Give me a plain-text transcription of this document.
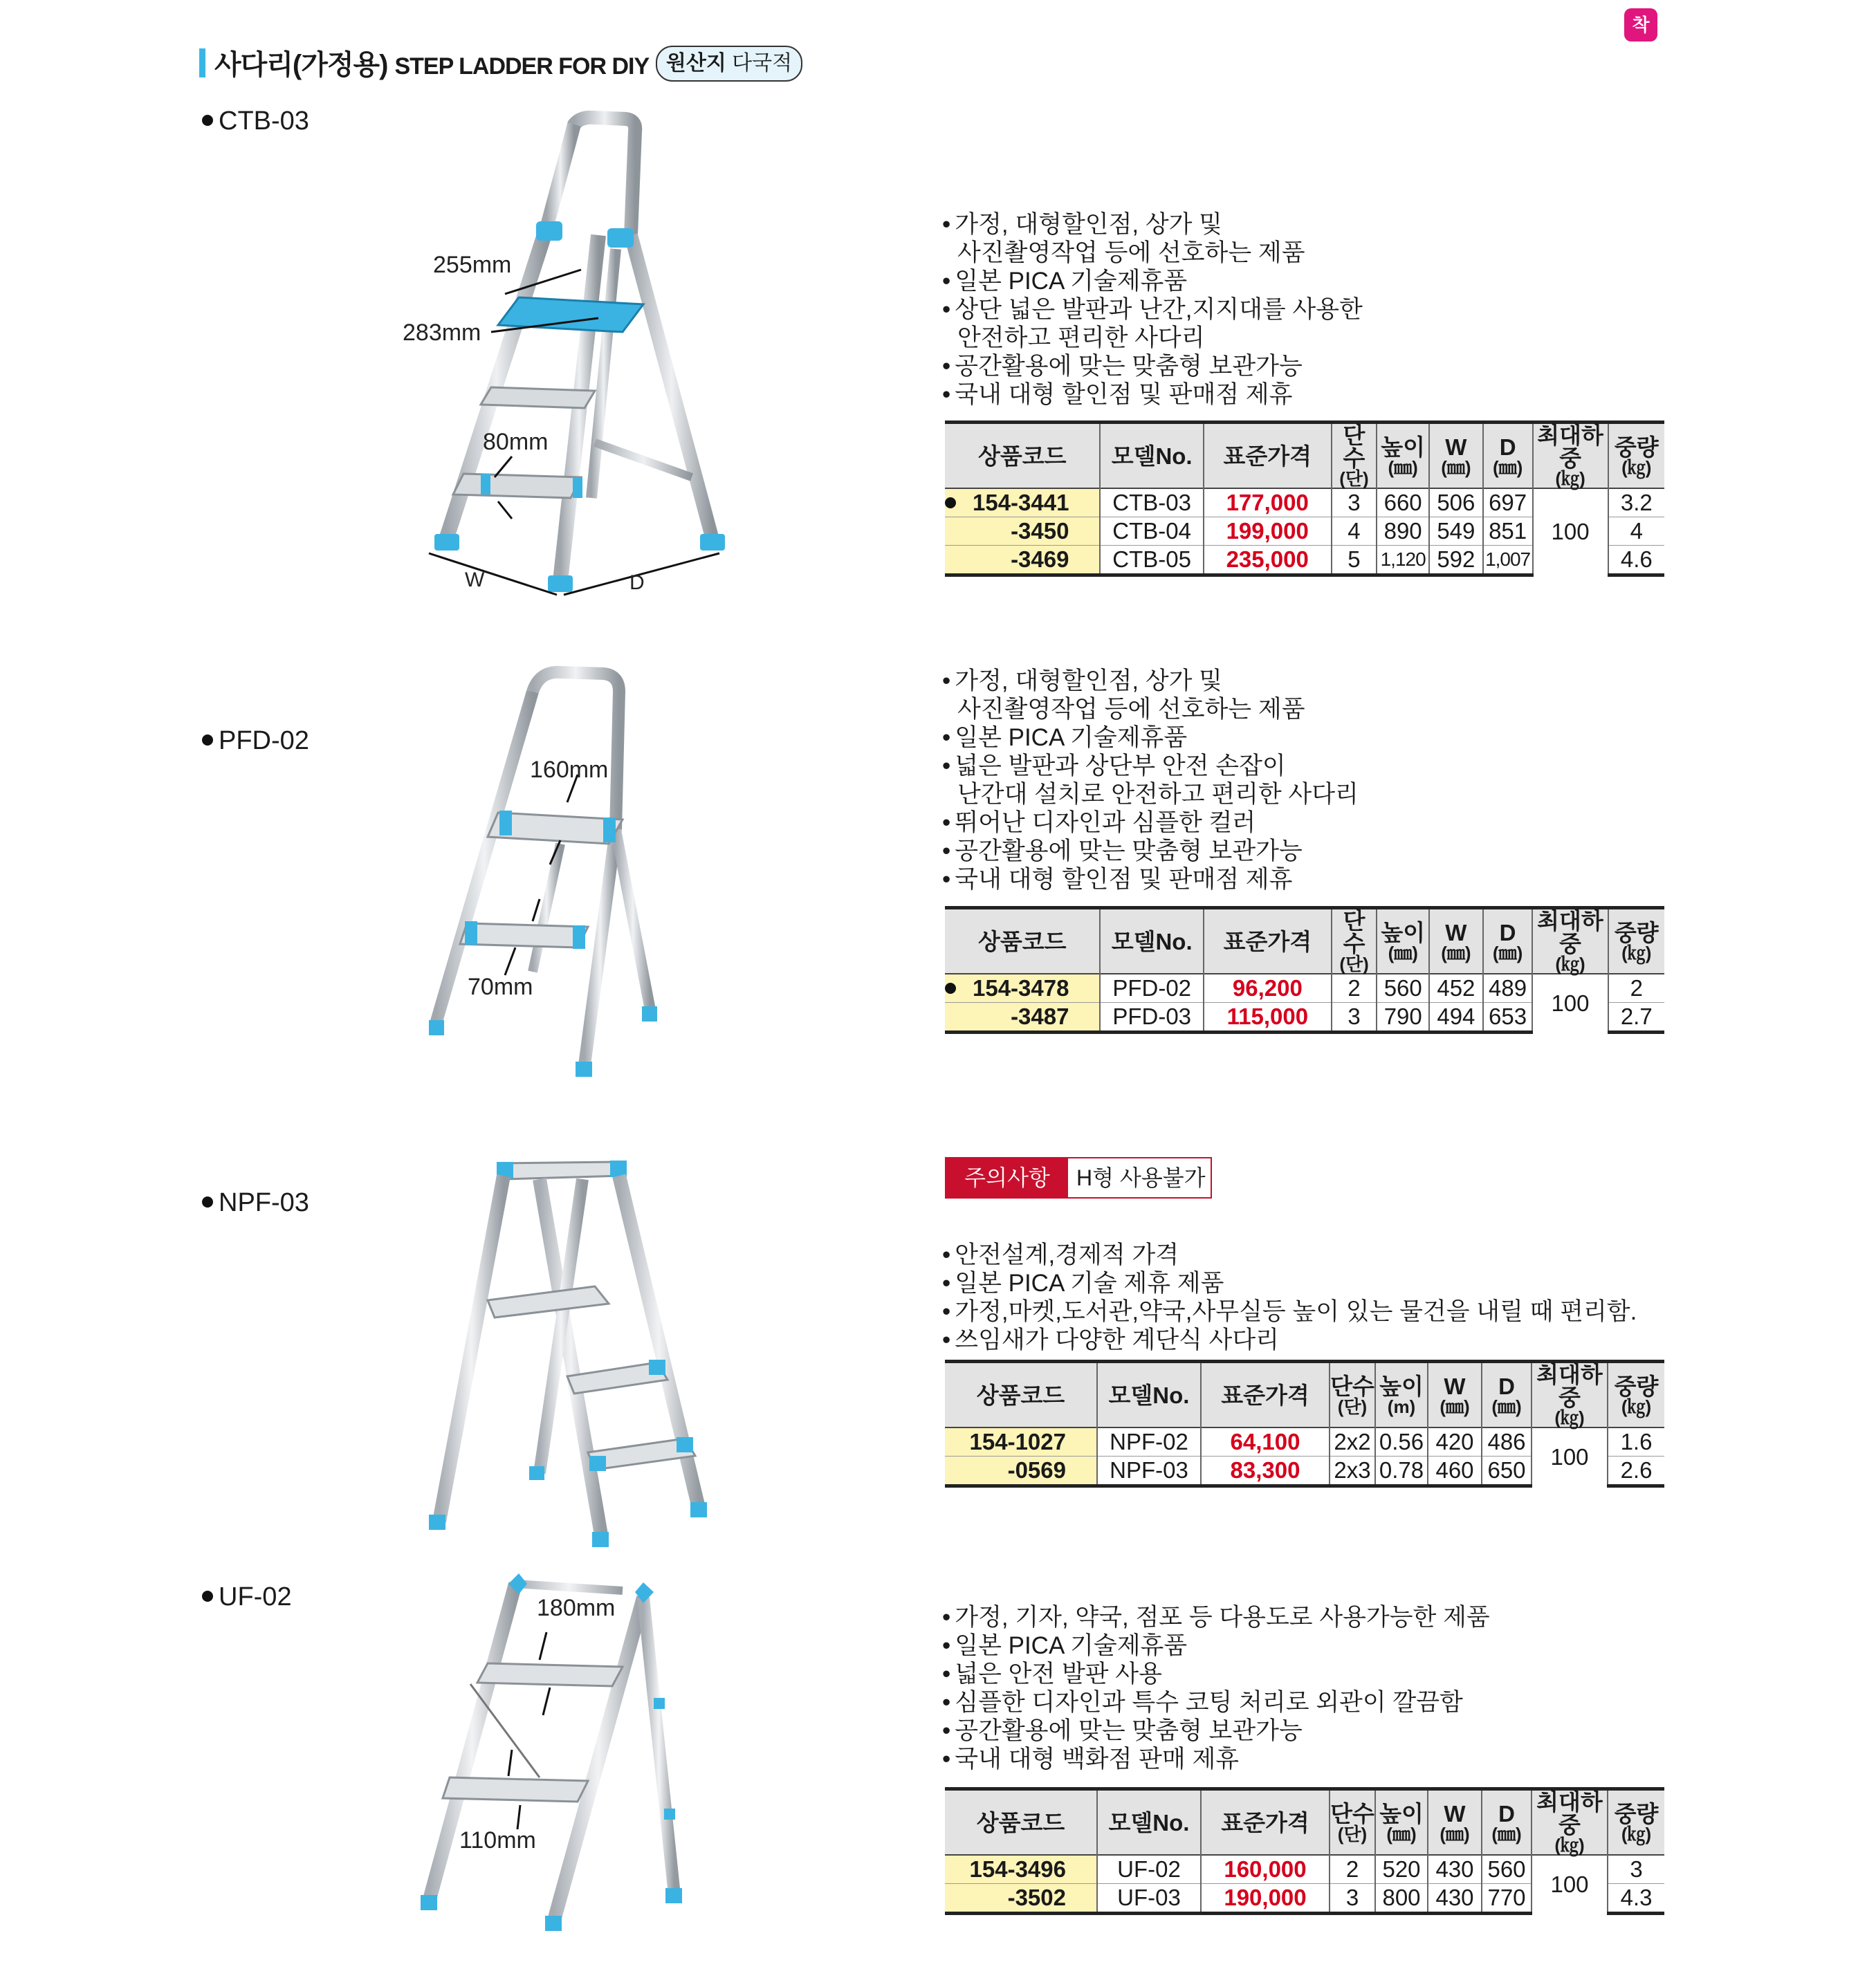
사다리(가정용) STEP LADDER FOR DIY 원산지 다국적
착불
CTB-03
255mm
283mm
80mm
W	D
• 가정, 대형할인점, 상가 및
사진촬영작업 등에 선호하는 제품
• 일본 PICA 기술제휴품
• 상단 넓은 발판과 난간,지지대를 사용한
안전하고 편리한 사다리
• 공간활용에 맞는 맞춤형 보관가능
• 국내 대형 할인점 및 판매점 제휴
상품코드	모델No.	표준가격	단수
(단)	높이
(㎜)	W
(㎜)	D
(㎜)	최대하중
(㎏)	중량
(㎏)

154-3441	CTB-03	177,000	3	660	506	697	100	3.2
-3450	CTB-04	199,000	4	890	549	851		4
-3469	CTB-05	235,000	5	1,120	592	1,007		4.6
PFD-02
160mm
70mm
• 가정, 대형할인점, 상가 및
사진촬영작업 등에 선호하는 제품
• 일본 PICA 기술제휴품
• 넓은 발판과 상단부 안전 손잡이
난간대 설치로 안전하고 편리한 사다리
• 뛰어난 디자인과 심플한 컬러
• 공간활용에 맞는 맞춤형 보관가능
• 국내 대형 할인점 및 판매점 제휴
상품코드	모델No.	표준가격	단수
(단)	높이
(㎜)	W
(㎜)	D
(㎜)	최대하중
(㎏)	중량
(㎏)

154-3478	PFD-02	96,200	2	560	452	489	100	2
-3487	PFD-03	115,000	3	790	494	653		2.7
NPF-03
주의사항	H형 사용불가
• 안전설계,경제적 가격
• 일본 PICA 기술 제휴 제품
• 가정,마켓,도서관,약국,사무실등 높이 있는 물건을 내릴 때 편리함.
• 쓰임새가 다양한 계단식 사다리
상품코드	모델No.	표준가격	단수
(단)	높이
(m)	W
(㎜)	D
(㎜)	최대하중
(㎏)	중량
(㎏)

154-1027	NPF-02	64,100	2x2	0.56	420	486	100	1.6
-0569	NPF-03	83,300	2x3	0.78	460	650		2.6
UF-02	180mm
110mm
• 가정, 기자, 약국, 점포 등 다용도로 사용가능한 제품
• 일본 PICA 기술제휴품
• 넓은 안전 발판 사용
• 심플한 디자인과 특수 코팅 처리로 외관이 깔끔함
• 공간활용에 맞는 맞춤형 보관가능
• 국내 대형 백화점 판매 제휴
상품코드	모델No.	표준가격	단수
(단)	높이
(㎜)	W
(㎜)	D
(㎜)	최대하중
(㎏)	중량
(㎏)

154-3496	UF-02	160,000	2	520	430	560	100	3
-3502	UF-03	190,000	3	800	430	770		4.3
